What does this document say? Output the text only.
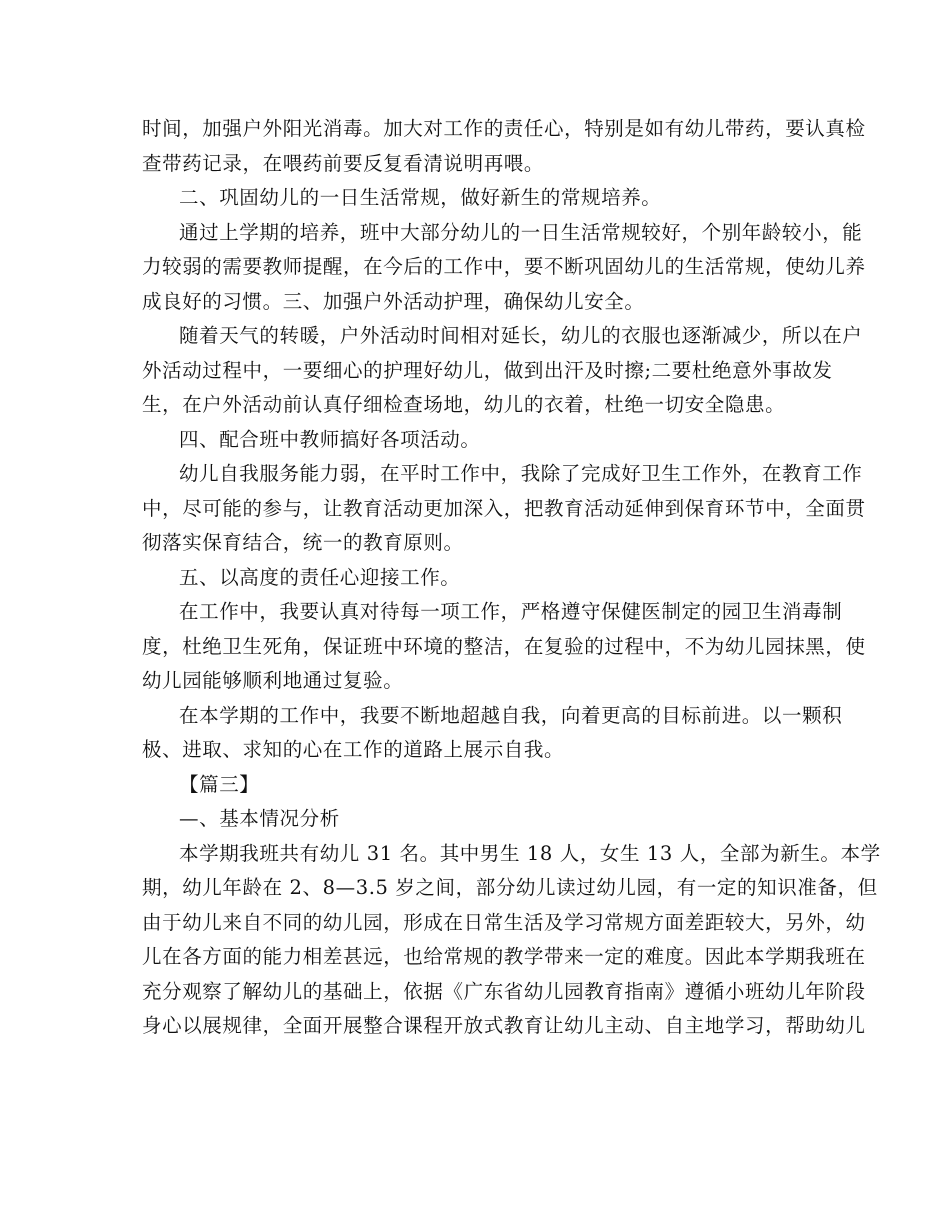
时间，加强户外阳光消毒。加大对工作的责任心，特别是如有幼儿带药，要认真检
查带药记录，在喂药前要反复看清说明再喂。
二、巩固幼儿的一日生活常规，做好新生的常规培养。
通过上学期的培养，班中大部分幼儿的一日生活常规较好，个别年龄较小，能
力较弱的需要教师提醒，在今后的工作中，要不断巩固幼儿的生活常规，使幼儿养
成良好的习惯。三、加强户外活动护理，确保幼儿安全。
随着天气的转暖，户外活动时间相对延长，幼儿的衣服也逐渐减少，所以在户
外活动过程中，一要细心的护理好幼儿，做到出汗及时擦;二要杜绝意外事故发
生，在户外活动前认真仔细检查场地，幼儿的衣着，杜绝一切安全隐患。
四、配合班中教师搞好各项活动。
幼儿自我服务能力弱，在平时工作中，我除了完成好卫生工作外，在教育工作
中，尽可能的参与，让教育活动更加深入，把教育活动延伸到保育环节中，全面贯
彻落实保育结合，统一的教育原则。
五、以高度的责任心迎接工作。
在工作中，我要认真对待每一项工作，严格遵守保健医制定的园卫生消毒制
度，杜绝卫生死角，保证班中环境的整洁，在复验的过程中，不为幼儿园抹黑，使
幼儿园能够顺利地通过复验。
在本学期的工作中，我要不断地超越自我，向着更高的目标前进。以一颗积
极、进取、求知的心在工作的道路上展示自我。
【篇三】
—、基本情况分析
本学期我班共有幼儿 31 名。其中男生 18 人，女生 13 人，全部为新生。本学
期，幼儿年龄在 2、8—3.5 岁之间，部分幼儿读过幼儿园，有一定的知识准备，但
由于幼儿来自不同的幼儿园，形成在日常生活及学习常规方面差距较大，另外，幼
儿在各方面的能力相差甚远，也给常规的教学带来一定的难度。因此本学期我班在
充分观察了解幼儿的基础上，依据《广东省幼儿园教育指南》遵循小班幼儿年阶段
身心以展规律，全面开展整合课程开放式教育让幼儿主动、自主地学习，帮助幼儿
